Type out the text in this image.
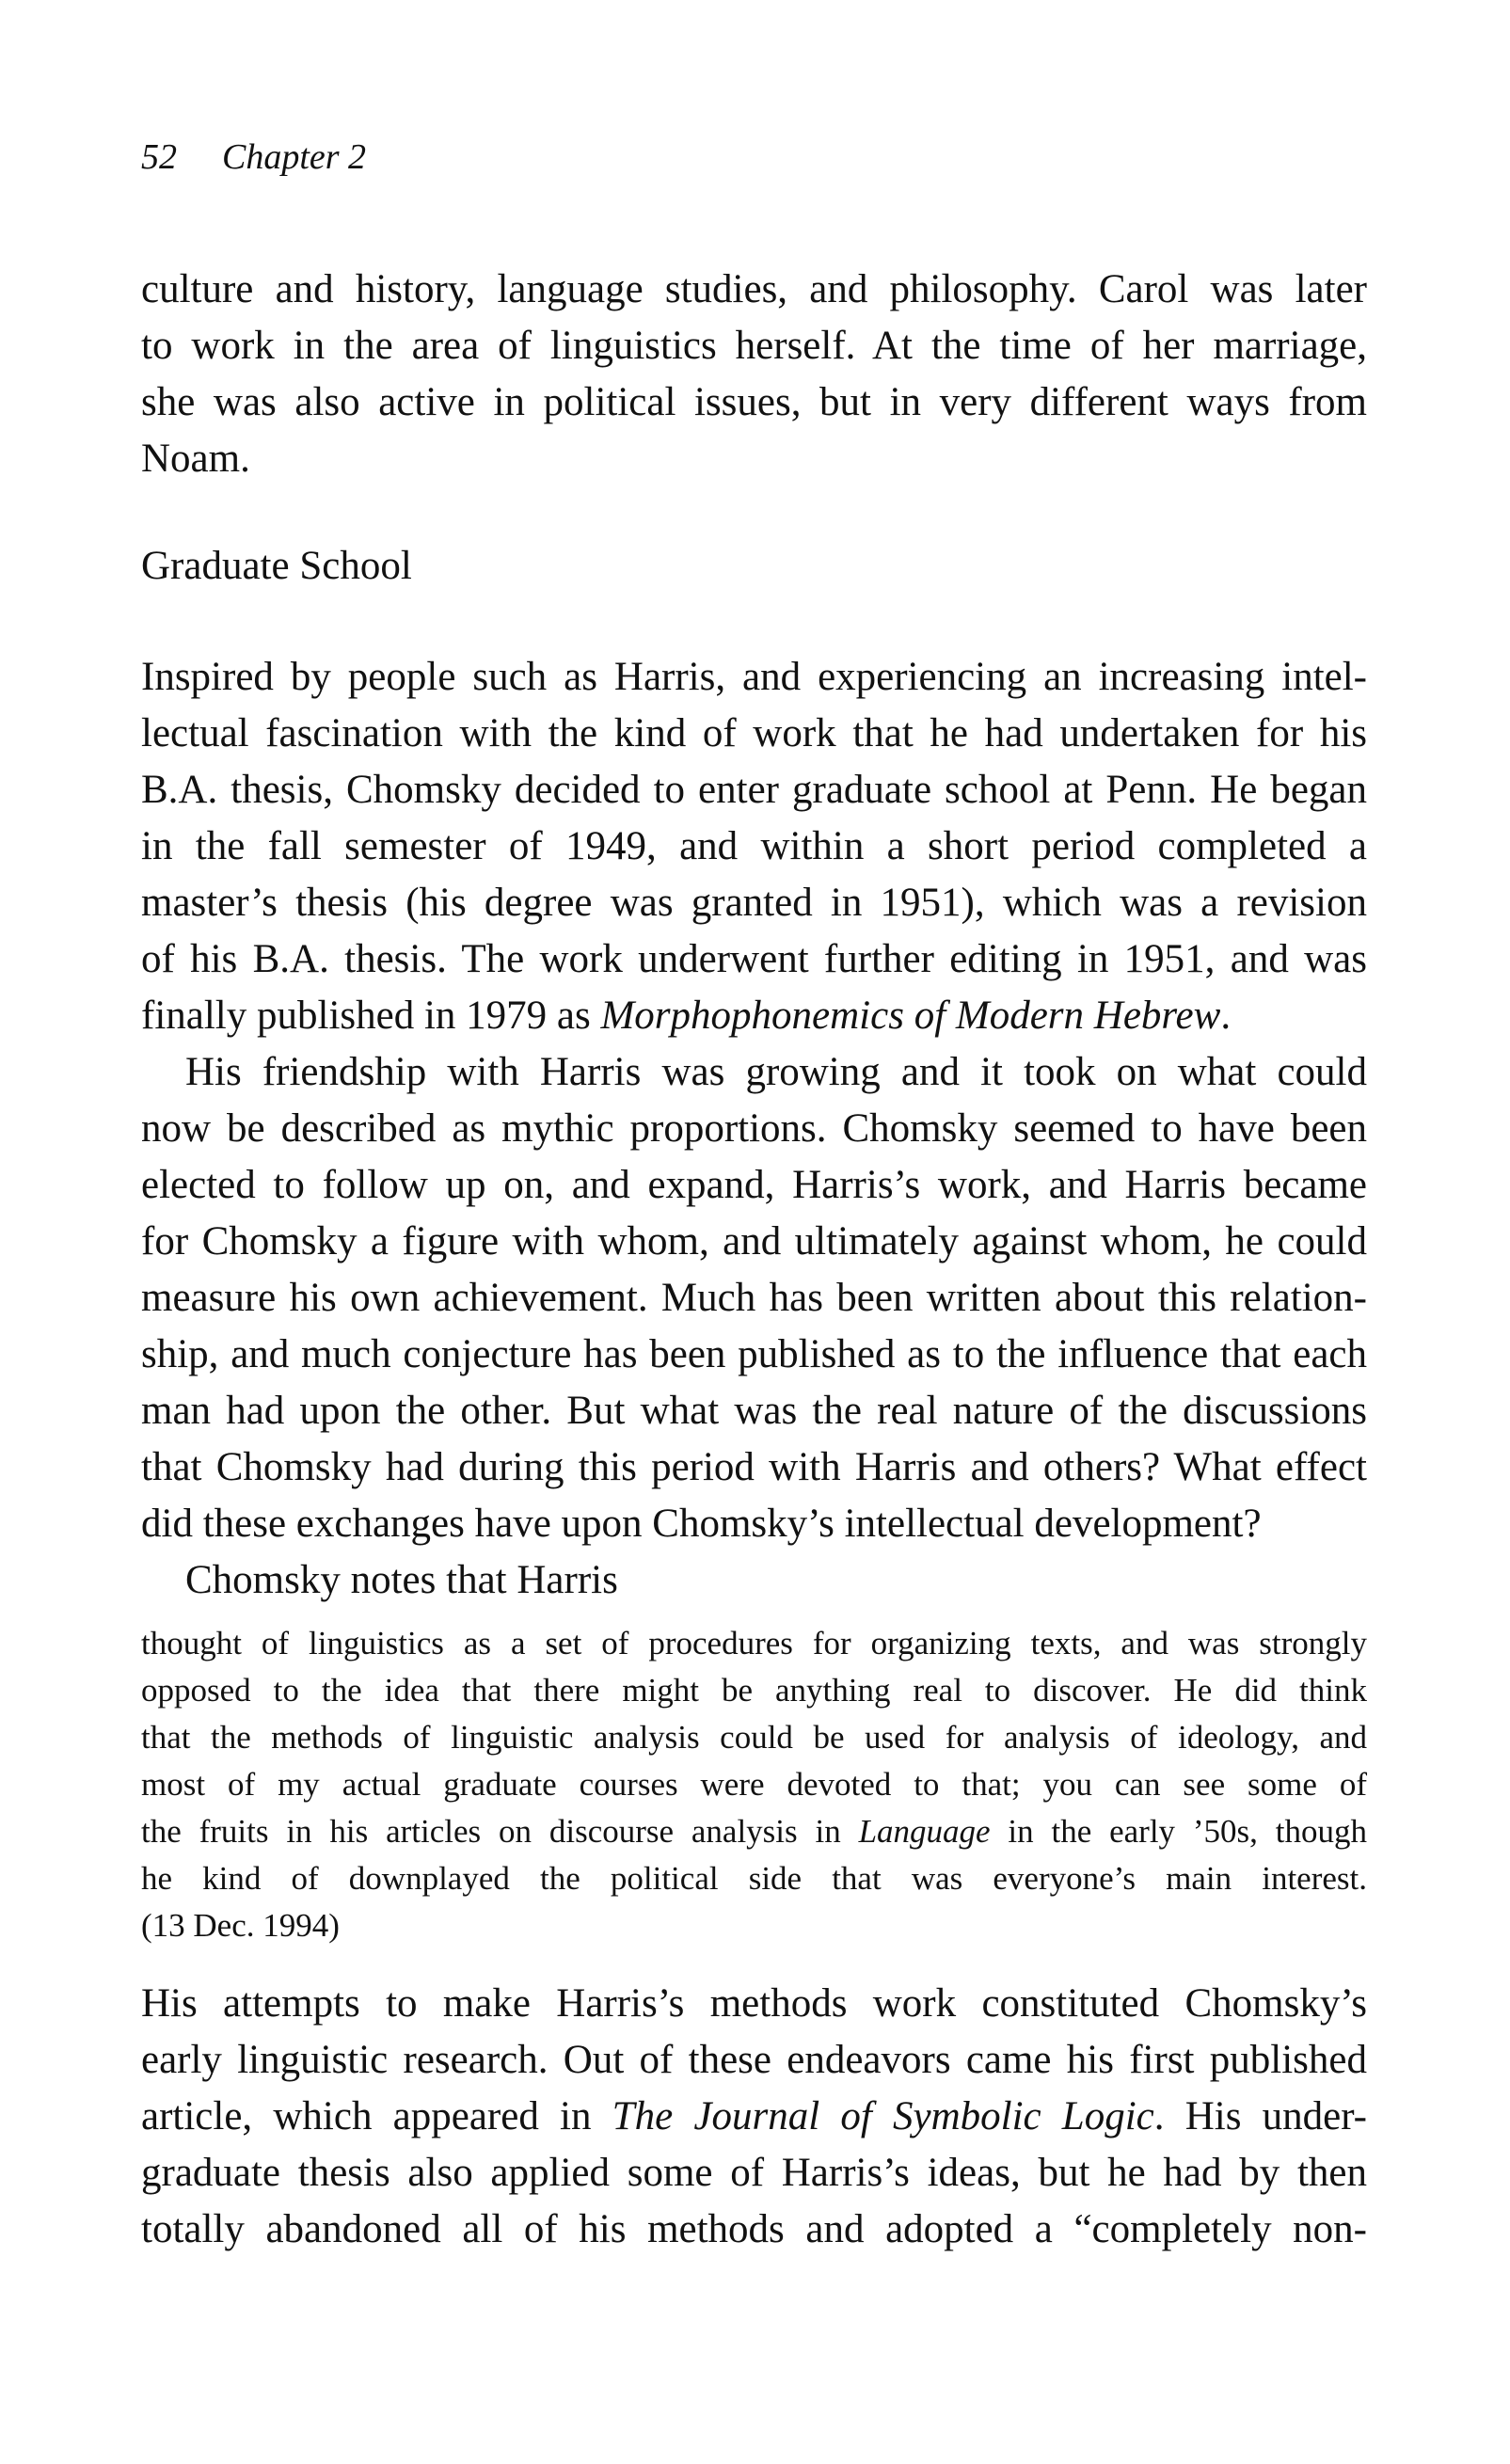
52 Chapter 2
culture and history, language studies, and philosophy. Carol was later
to work in the area of linguistics herself. At the time of her marriage,
she was also active in political issues, but in very different ways from
Noam.
Graduate School
Inspired by people such as Harris, and experiencing an increasing intel-
lectual fascination with the kind of work that he had undertaken for his
B.A. thesis, Chomsky decided to enter graduate school at Penn. He began
in the fall semester of 1949, and within a short period completed a
master’s thesis (his degree was granted in 1951), which was a revision
of his B.A. thesis. The work underwent further editing in 1951, and was
finally published in 1979 as Morphophonemics of Modern Hebrew.
His friendship with Harris was growing and it took on what could
now be described as mythic proportions. Chomsky seemed to have been
elected to follow up on, and expand, Harris’s work, and Harris became
for Chomsky a figure with whom, and ultimately against whom, he could
measure his own achievement. Much has been written about this relation-
ship, and much conjecture has been published as to the influence that each
man had upon the other. But what was the real nature of the discussions
that Chomsky had during this period with Harris and others? What effect
did these exchanges have upon Chomsky’s intellectual development?
Chomsky notes that Harris
thought of linguistics as a set of procedures for organizing texts, and was strongly
opposed to the idea that there might be anything real to discover. He did think
that the methods of linguistic analysis could be used for analysis of ideology, and
most of my actual graduate courses were devoted to that; you can see some of
the fruits in his articles on discourse analysis in Language in the early ’50s, though
he kind of downplayed the political side that was everyone’s main interest.
(13 Dec. 1994)
His attempts to make Harris’s methods work constituted Chomsky’s
early linguistic research. Out of these endeavors came his first published
article, which appeared in The Journal of Symbolic Logic. His under-
graduate thesis also applied some of Harris’s ideas, but he had by then
totally abandoned all of his methods and adopted a “completely non-
